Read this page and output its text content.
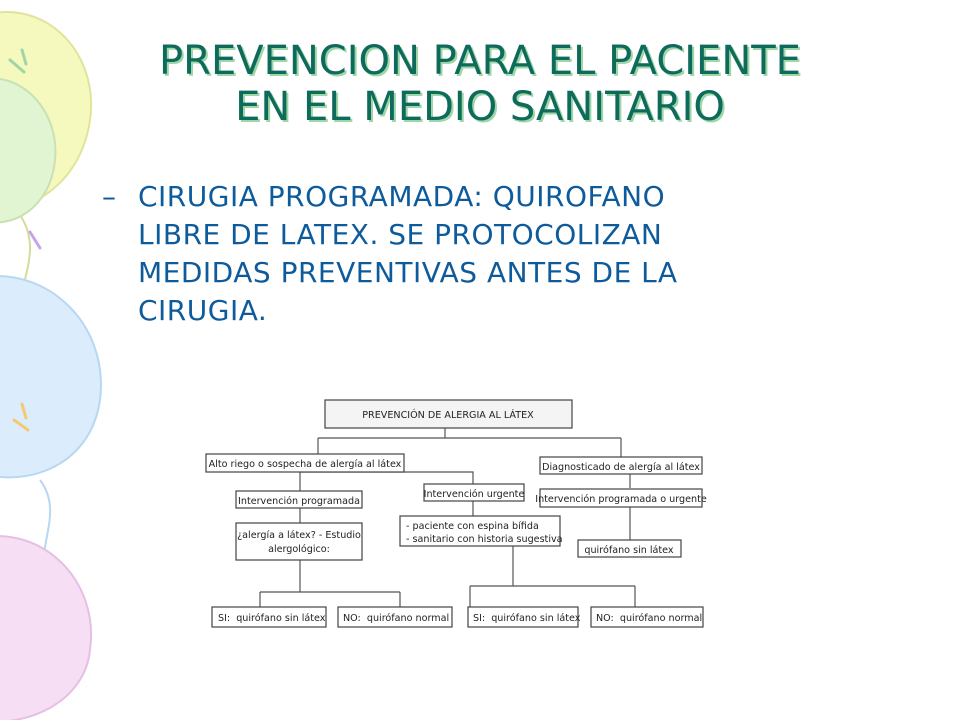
PREVENCION PARA EL PACIENTE
EN EL MEDIO SANITARIO
– CIRUGIA PROGRAMADA: QUIROFANO
LIBRE DE LATEX. SE PROTOCOLIZAN
MEDIDAS PREVENTIVAS ANTES DE LA
CIRUGIA.
PREVENCIÓN DE ALERGIA AL LÁTEX
Alto riego o sospecha de alergía al látex	Diagnosticado de alergía al látex
Intervención programada
Intervención urgente Intervención programada o urgente
¿alergía a látex? - Estudio
alergológico:
- paciente con espina bífida
- sanitario con historia sugestiva
quirófano sin látex
SI: quirófano sin látex NO: quirófano normal SI: quirófano sin látex NO: quirófano normal
